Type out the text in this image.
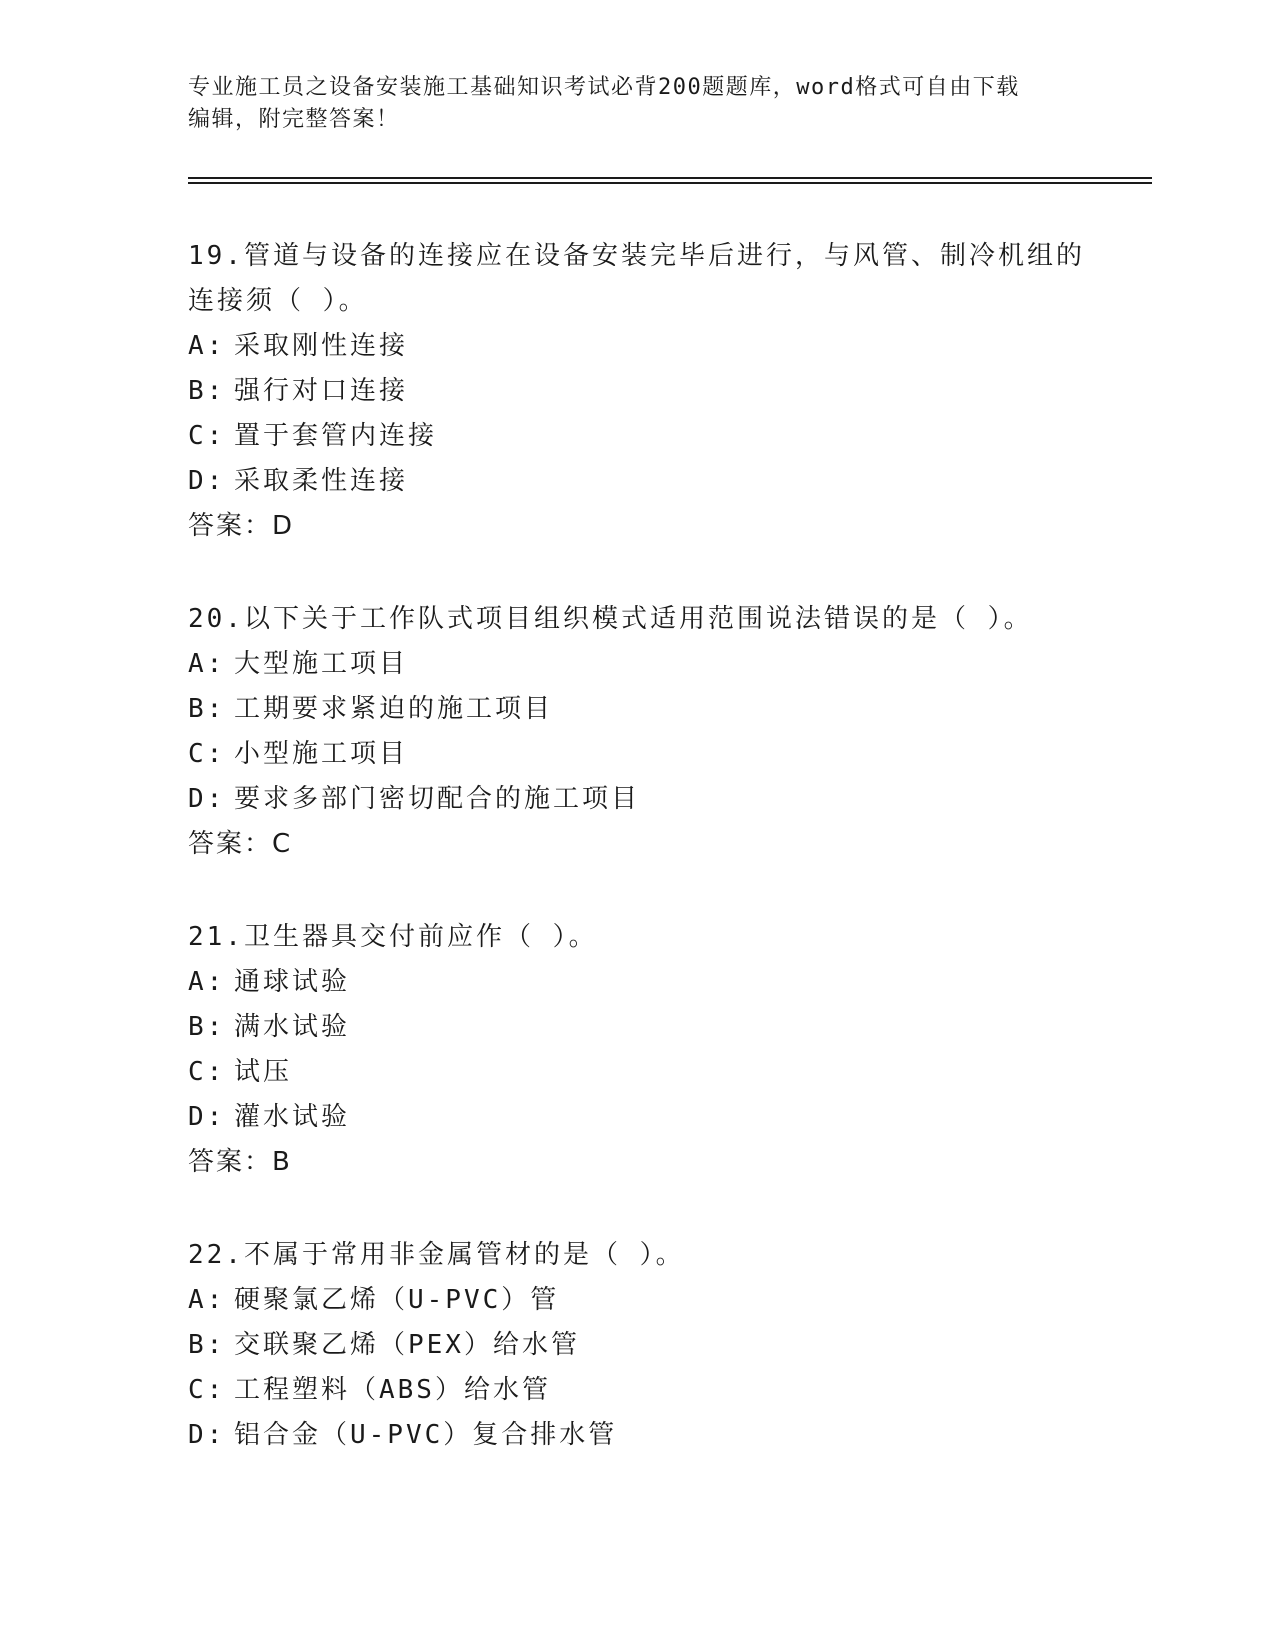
专业施工员之设备安装施工基础知识考试必背200题题库，word格式可自由下载
编辑，附完整答案！
19.管道与设备的连接应在设备安装完毕后进行，与风管、制冷机组的
连接须（ ）。
A: 采取刚性连接
B: 强行对口连接
C: 置于套管内连接
D: 采取柔性连接
答案：D
20.以下关于工作队式项目组织模式适用范围说法错误的是（ ）。
A: 大型施工项目
B: 工期要求紧迫的施工项目
C: 小型施工项目
D: 要求多部门密切配合的施工项目
答案：C
21.卫生器具交付前应作（ ）。
A: 通球试验
B: 满水试验
C: 试压
D: 灌水试验
答案：B
22.不属于常用非金属管材的是（ ）。
A: 硬聚氯乙烯（U-PVC）管
B: 交联聚乙烯（PEX）给水管
C: 工程塑料（ABS）给水管
D: 铝合金（U-PVC）复合排水管
